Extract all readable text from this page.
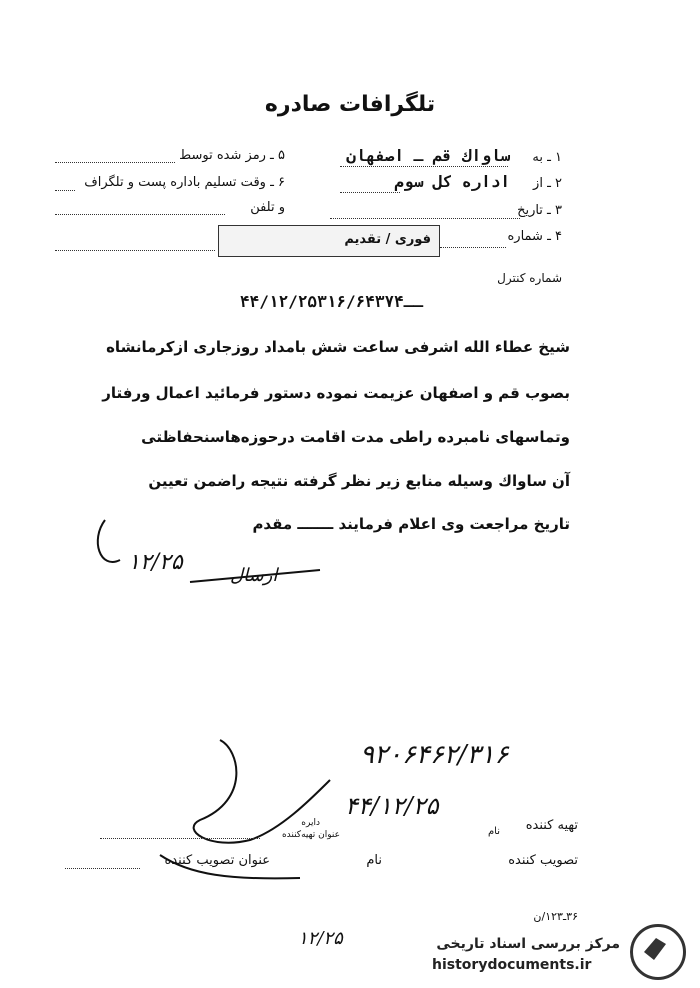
تلگرافات صادره
۱ ـ به
ساواك قم ـ اصفهان
۲ ـ از
اداره كل سوم
۳ ـ تاریخ
۴ ـ شماره
۵ ـ رمز شده توسط
۶ ـ وقت تسلیم باداره پست و تلگراف
و تلفن
فوری / تقدیم
شماره کنترل
۴۴/۱۲/۲۵ــ۳۱۶/۶۴۳۷۴
شیخ عطاء الله اشرفی ساعت شش بامداد روزجاری ازکرمانشاه
بصوب قم و اصفهان عزیمت نموده دستور فرمائید اعمال ورفتار
وتماسهای نامبرده راطی مدت اقامت درحوزه‌هاسنحفاظتی
آن ساواك وسیله منابع زیر نظر گرفته نتیجه راضمن تعیین
تاریخ مراجعت وی اعلام فرمایند ـــــــ مقدم
۱۲/۲۵
ارسال
۹۲۰۶۴۶۲/۳۱۶
۴۴/۱۲/۲۵
۱۲/۲۵
تهیه کننده
نام
دایره
عنوان تهیه‌کننده
تصویب کننده
نام
عنوان تصویب کننده
۳۶ـ۱۲۳/ن
مرکز بررسی اسناد تاریخی
historydocuments.ir
